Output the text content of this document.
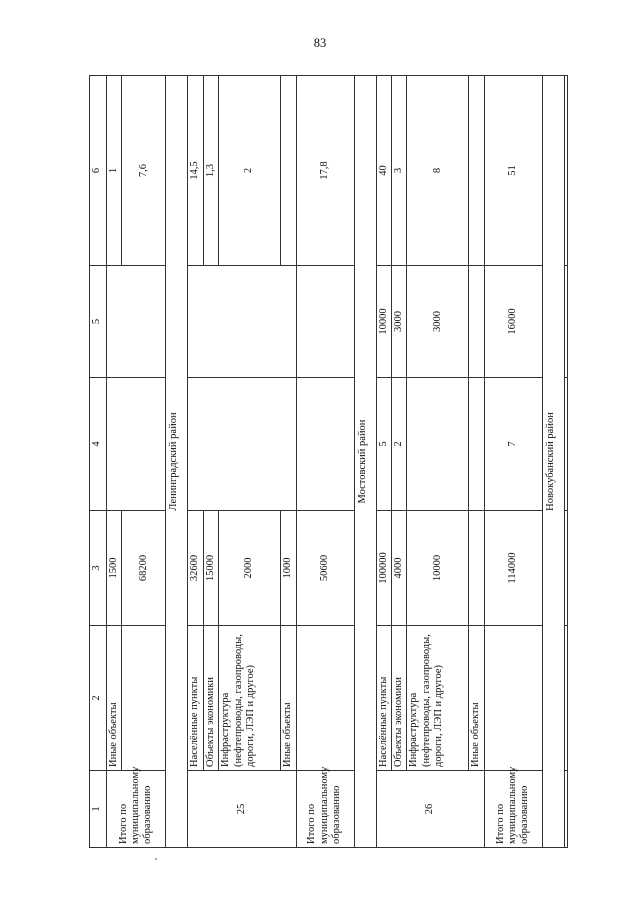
83
1	2	3	4	5	6
Итого по муниципальному образованию	Иные объекты	1500			1
		68200			7,6
Ленинградский район					
25	Населённые пункты	32600			14,5
	Объекты экономики	15000			1,3
	Инфраструктура (нефтепроводы, газопроводы, дороги, ЛЭП и другое)	2000			2
	Иные объекты	1000			
Итого по муниципальному образованию		50600			17,8
Мостовский район					
26	Населённые пункты	100000	5	10000	40
	Объекты экономики	4000	2	3000	3
	Инфраструктура (нефтепроводы, газопроводы, дороги, ЛЭП и другое)	10000		3000	8
	Иные объекты				
Итого по муниципальному образованию		114000	7	16000	51
Новокубанский район					
